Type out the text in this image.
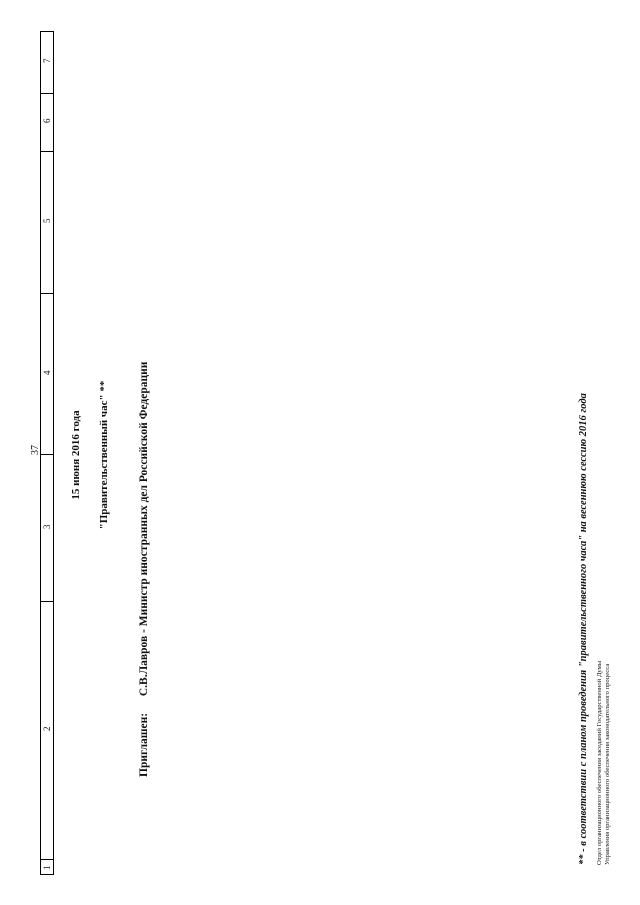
37
1
2
3
4
5
6
7
15 июня 2016 года "Правительственный час" **
Приглашен: С.В.Лавров - Министр иностранных дел Российской Федерации	** - в соответствии с планом проведения "правительственного часа" на весеннюю сессию 2016 года Отдел организационного обеспечения заседаний Государственной Думы Управления организационного обеспечения законодательного процесса
